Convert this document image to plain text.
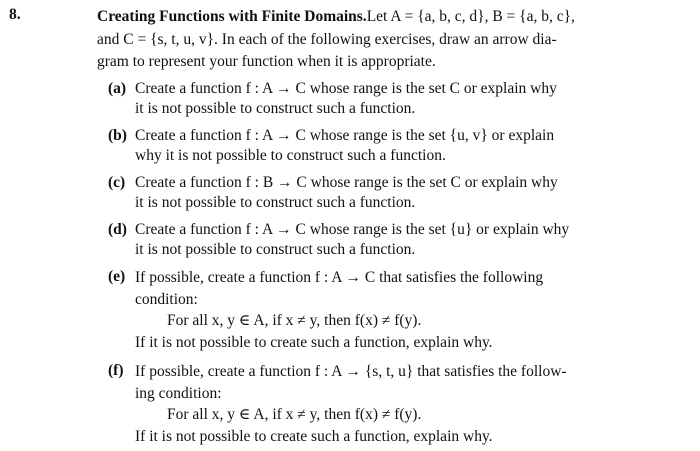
8.	Creating Functions with Finite Domains.Let A = {a, b, c, d}, B = {a, b, c},
and C = {s, t, u, v}. In each of the following exercises, draw an arrow dia-
gram to represent your function when it is appropriate.
(a) Create a function f : A → C whose range is the set C or explain why
it is not possible to construct such a function.
(b) Create a function f : A → C whose range is the set {u, v} or explain
why it is not possible to construct such a function.
(c) Create a function f : B → C whose range is the set C or explain why
it is not possible to construct such a function.
(d) Create a function f : A → C whose range is the set {u} or explain why
it is not possible to construct such a function.
(e) If possible, create a function f : A → C that satisfies the following
condition:
For all x, y ∈ A, if x ≠ y, then f(x) ≠ f(y).
If it is not possible to create such a function, explain why.
(f) If possible, create a function f : A → {s, t, u} that satisfies the follow-
ing condition:
For all x, y ∈ A, if x ≠ y, then f(x) ≠ f(y).
If it is not possible to create such a function, explain why.
